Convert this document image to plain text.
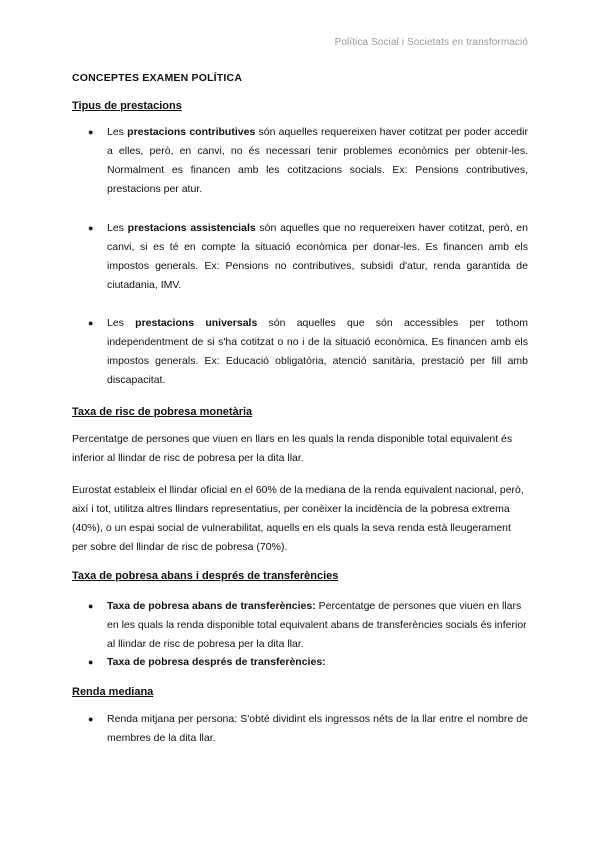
Política Social i Societats en transformació
CONCEPTES EXAMEN POLÍTICA
Tipus de prestacions
● Les prestacions contributives són aquelles requereixen haver cotitzat per poder accedir a elles, però, en canvi, no és necessari tenir problemes econòmics per obtenir-les. Normalment es financen amb les cotitzacions socials. Ex: Pensions contributives, prestacions per atur.
● Les prestacions assistencials són aquelles que no requereixen haver cotitzat, però, en canvi, si es té en compte la situació econòmica per donar-les. Es financen amb els impostos generals. Ex: Pensions no contributives, subsidi d'atur, renda garantida de ciutadania, IMV.
● Les prestacions universals són aquelles que són accessibles per tothom independentment de si s'ha cotitzat o no i de la situació econòmica. Es financen amb els impostos generals. Ex: Educació obligatòria, atenció sanitària, prestació per fill amb discapacitat.
Taxa de risc de pobresa monetària

Percentatge de persones que viuen en llars en les quals la renda disponible total equivalent és inferior al llindar de risc de pobresa per la dita llar.

Eurostat estableix el llindar oficial en el 60% de la mediana de la renda equivalent nacional, però, així i tot, utilitza altres llindars representatius, per conèixer la incidència de la pobresa extrema (40%), o un espai social de vulnerabilitat, aquells en els quals la seva renda està lleugerament per sobre del llindar de risc de pobresa (70%).

Taxa de pobresa abans i després de transferències
● Taxa de pobresa abans de transferències: Percentatge de persones que viuen en llars en les quals la renda disponible total equivalent abans de transferències socials és inferior al llindar de risc de pobresa per la dita llar.
● Taxa de pobresa després de transferències:
Renda mediana
● Renda mitjana per persona: S'obté dividint els ingressos néts de la llar entre el nombre de membres de la dita llar.
